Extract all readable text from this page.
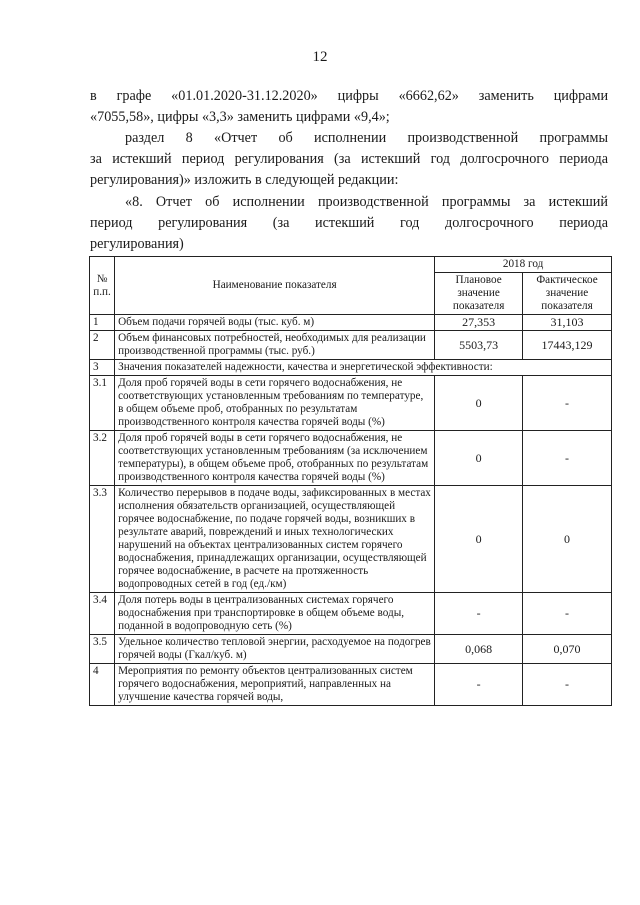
12
в графе «01.01.2020-31.12.2020» цифры «6662,62» заменить цифрами
«7055,58», цифры «3,3» заменить цифрами «9,4»;
раздел 8 «Отчет об исполнении производственной программы
за истекший период регулирования (за истекший год долгосрочного периода
регулирования)» изложить в следующей редакции:
«8. Отчет об исполнении производственной программы за истекший
период регулирования (за истекший год долгосрочного периода
регулирования)
№ п.п.	Наименование показателя	2018 год	
		Плановое значение показателя	Фактическое значение показателя
1	Объем подачи горячей воды (тыс. куб. м)	27,353	31,103
2	Объем финансовых потребностей, необходимых для реализации производственной программы (тыс. руб.)	5503,73	17443,129
3	Значения показателей надежности, качества и энергетической эффективности:		
3.1	Доля проб горячей воды в сети горячего водоснабжения, не соответствующих установленным требованиям по температуре, в общем объеме проб, отобранных по результатам производственного контроля качества горячей воды (%)	0	-
3.2	Доля проб горячей воды в сети горячего водоснабжения, не соответствующих установленным требованиям (за исключением температуры), в общем объеме проб, отобранных по результатам производственного контроля качества горячей воды (%)	0	-
3.3	Количество перерывов в подаче воды, зафиксированных в местах исполнения обязательств организацией, осуществляющей горячее водоснабжение, по подаче горячей воды, возникших в результате аварий, повреждений и иных технологических нарушений на объектах централизованных систем горячего водоснабжения, принадлежащих организации, осуществляющей горячее водоснабжение, в расчете на протяженность водопроводных сетей в год (ед./км)	0	0
3.4	Доля потерь воды в централизованных системах горячего водоснабжения при транспортировке в общем объеме воды, поданной в водопроводную сеть (%)	-	-
3.5	Удельное количество тепловой энергии, расходуемое на подогрев горячей воды (Гкал/куб. м)	0,068	0,070
4	Мероприятия по ремонту объектов централизованных систем горячего водоснабжения, мероприятий, направленных на улучшение качества горячей воды,	-	-
